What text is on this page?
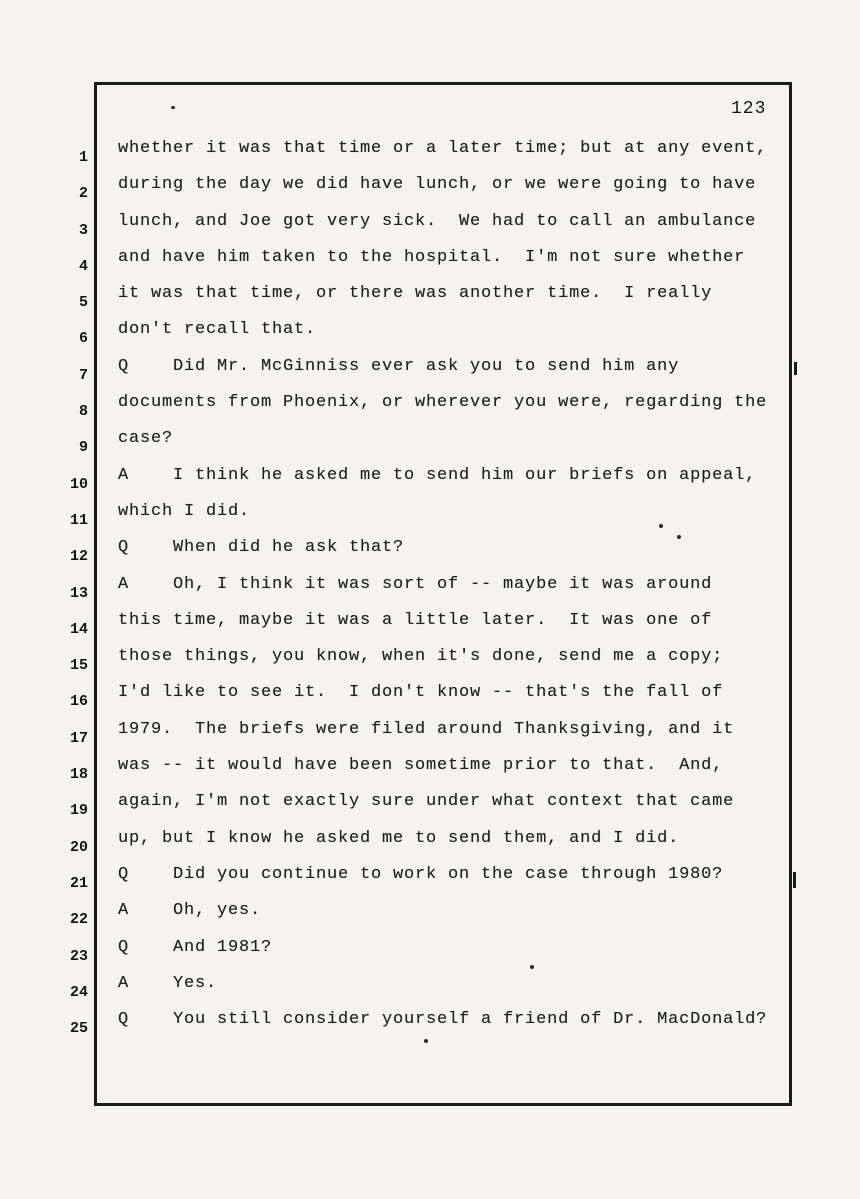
123
1 whether it was that time or a later time; but at any event,
2 during the day we did have lunch, or we were going to have
3 lunch, and Joe got very sick.  We had to call an ambulance
4 and have him taken to the hospital.  I'm not sure whether
5 it was that time, or there was another time.  I really
6 don't recall that.
7 Q    Did Mr. McGinniss ever ask you to send him any
8 documents from Phoenix, or wherever you were, regarding the
9 case?
10 A    I think he asked me to send him our briefs on appeal,
11 which I did.
12 Q    When did he ask that?
13 A    Oh, I think it was sort of -- maybe it was around
14 this time, maybe it was a little later.  It was one of
15 those things, you know, when it's done, send me a copy;
16 I'd like to see it.  I don't know -- that's the fall of
17 1979.  The briefs were filed around Thanksgiving, and it
18 was -- it would have been sometime prior to that.  And,
19 again, I'm not exactly sure under what context that came
20 up, but I know he asked me to send them, and I did.
21 Q    Did you continue to work on the case through 1980?
22 A    Oh, yes.
23 Q    And 1981?
24 A    Yes.
25 Q    You still consider yourself a friend of Dr. MacDonald?
